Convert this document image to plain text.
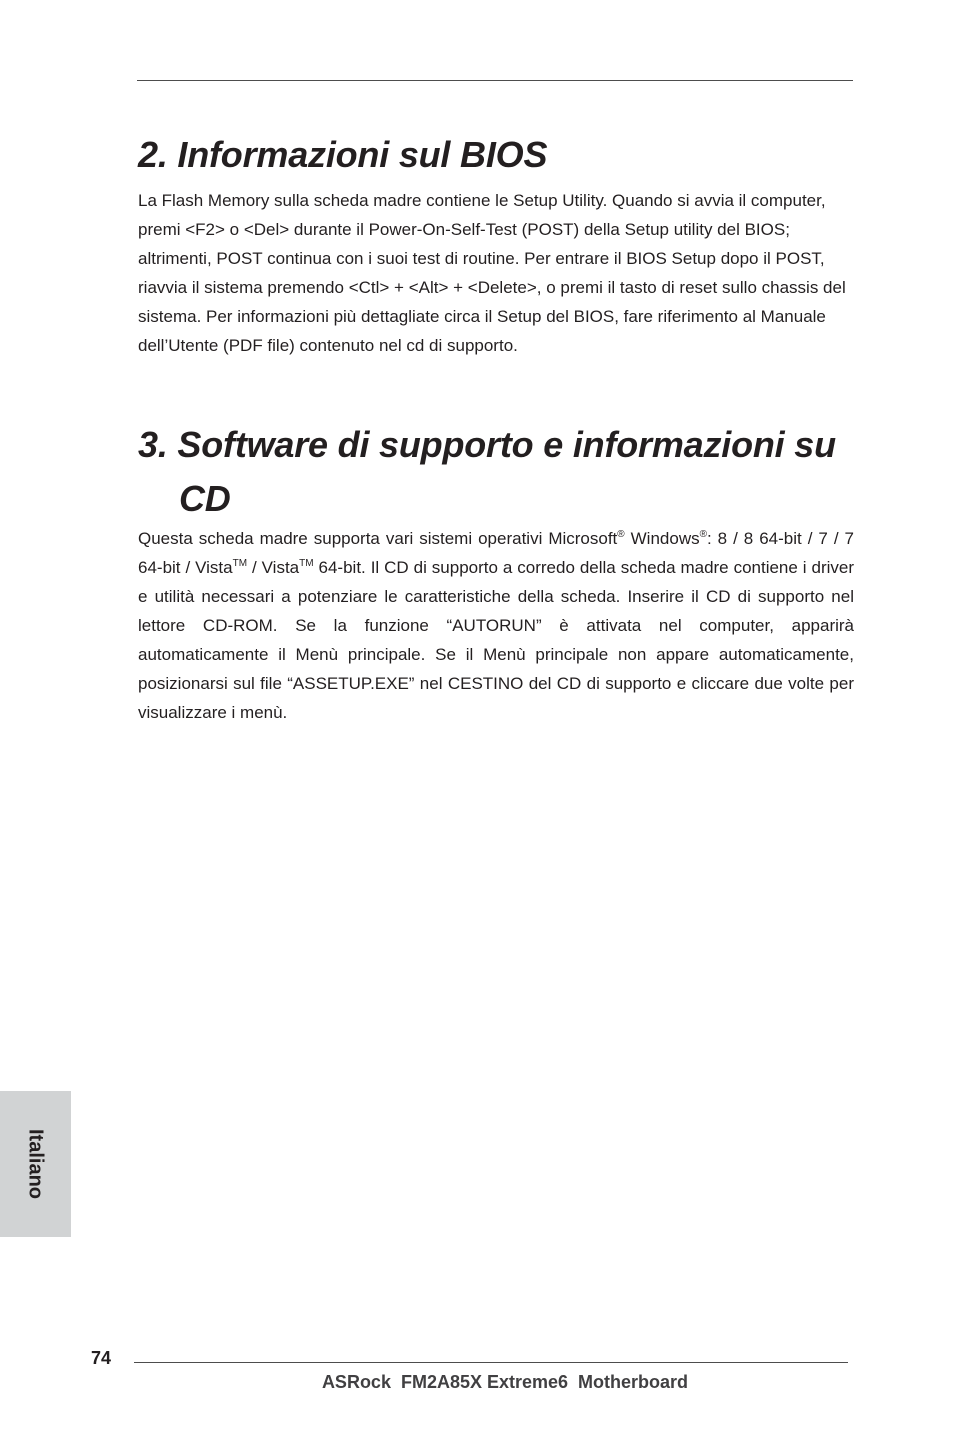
2. Informazioni sul BIOS

La Flash Memory sulla scheda madre contiene le Setup Utility. Quando si avvia il computer, premi <F2> o <Del> durante il Power-On-Self-Test (POST) della Setup utility del BIOS; altrimenti, POST continua con i suoi test di routine. Per entrare il BIOS Setup dopo il POST, riavvia il sistema premendo <Ctl> + <Alt> + <Delete>, o premi il tasto di reset sullo chassis del sistema. Per informazioni più dettagliate circa il Setup del BIOS, fare riferimento al Manuale dell’Utente (PDF file) contenuto nel cd di supporto.

3. Software di supporto e informazioni su
CD

Questa scheda madre supporta vari sistemi operativi Microsoft® Windows®: 8 / 8 64-bit / 7 / 7 64-bit / Vista™ / Vista™ 64-bit. Il CD di supporto a corredo della scheda madre contiene i driver e utilità necessari a potenziare le caratteristiche della scheda. Inserire il CD di supporto nel lettore CD-ROM. Se la funzione “AUTORUN” è attivata nel computer, apparirà automaticamente il Menù principale. Se il Menù principale non appare automaticamente, posizionarsi sul file “ASSETUP.EXE” nel CESTINO del CD di supporto e cliccare due volte per visualizzare i menù.

Italiano
74
ASRock  FM2A85X Extreme6  Motherboard
